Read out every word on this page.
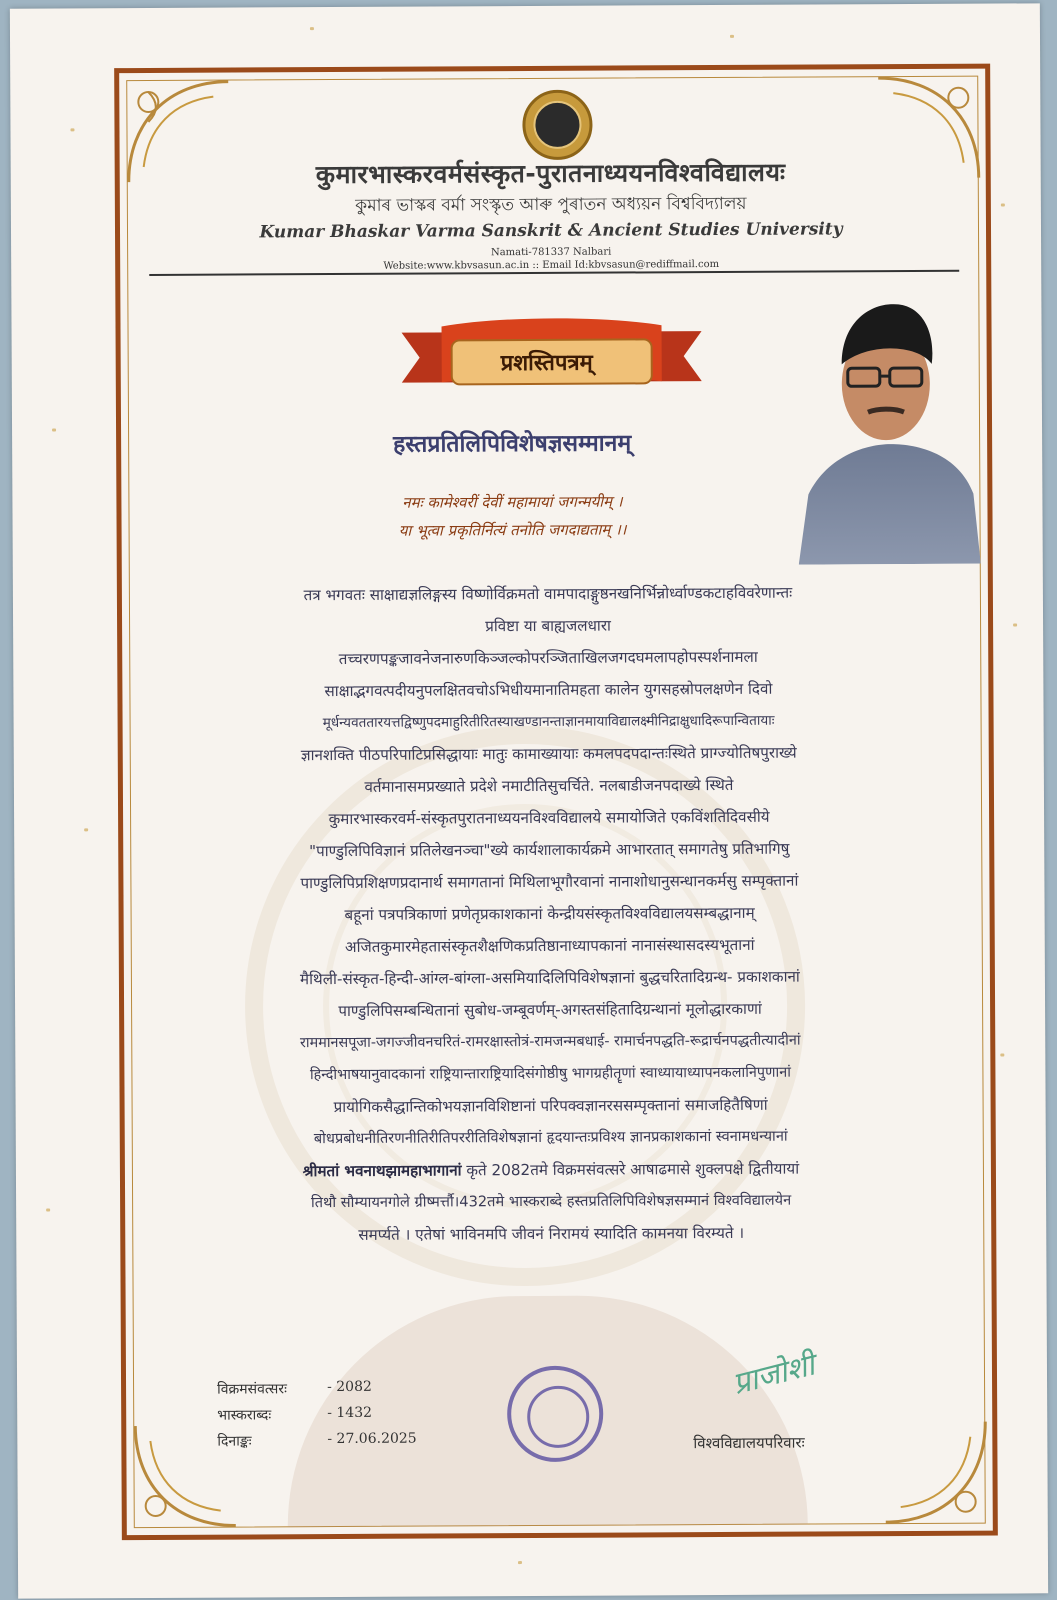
कुमारभास्करवर्मसंस्कृत-पुरातनाध्ययनविश्वविद्यालयः
কুমাৰ ভাস্কৰ বৰ্মা সংস্কৃত আৰু পুৰাতন অধ্যয়ন বিশ্ববিদ্যালয়
Kumar Bhaskar Varma Sanskrit & Ancient Studies University
Namati-781337 Nalbari
Website:www.kbvsasun.ac.in :: Email Id:kbvsasun@rediffmail.com
प्रशस्तिपत्रम्
हस्तप्रतिलिपिविशेषज्ञसम्मानम्
नमः कामेश्वरीं देवीं महामायां जगन्मयीम् ।
या भूत्वा प्रकृतिर्नित्यं तनोति जगदाद्यताम् ।।

तत्र भगवतः साक्षाद्यज्ञलिङ्गस्य विष्णोर्विक्रमतो वामपादाङ्गुष्ठनखनिर्भिन्नोर्ध्वाण्डकटाहविवरेणान्तः

प्रविष्टा या बाह्यजलधारा

तच्चरणपङ्कजावनेजनारुणकिञ्जल्कोपरञ्जिताखिलजगदघमलापहोपस्पर्शनामला

साक्षाद्भगवत्पदीयनुपलक्षितवचोऽभिधीयमानातिमहता कालेन युगसहस्रोपलक्षणेन दिवो

मूर्धन्यवततारयत्तद्विष्णुपदमाहुरितीरितस्याखण्डानन्ताज्ञानमायाविद्यालक्ष्मीनिद्राक्षुधादिरूपान्वितायाः

ज्ञानशक्ति पीठपरिपाटिप्रसिद्धायाः मातुः कामाख्यायाः कमलपदपदान्तःस्थिते प्राग्ज्योतिषपुराख्ये

वर्तमानासमप्रख्याते प्रदेशे नमाटीतिसुचर्चिते. नलबाडीजनपदाख्ये स्थिते

कुमारभास्करवर्म-संस्कृतपुरातनाध्ययनविश्वविद्यालये समायोजिते एकविंशतिदिवसीये

"पाण्डुलिपिविज्ञानं प्रतिलेखनञ्चा"ख्ये कार्यशालाकार्यक्रमे आभारतात् समागतेषु प्रतिभागिषु

पाण्डुलिपिप्रशिक्षणप्रदानार्थ समागतानां मिथिलाभूगौरवानां नानाशोधानुसन्धानकर्मसु सम्पृक्तानां

बहूनां पत्रपत्रिकाणां प्रणेतृप्रकाशकानां केन्द्रीयसंस्कृतविश्वविद्यालयसम्बद्धानाम्

अजितकुमारमेहतासंस्कृतशैक्षणिकप्रतिष्ठानाध्यापकानां नानासंस्थासदस्यभूतानां

मैथिली-संस्कृत-हिन्दी-आंग्ल-बांग्ला-असमियादिलिपिविशेषज्ञानां बुद्धचरितादिग्रन्थ- प्रकाशकानां

पाण्डुलिपिसम्बन्धितानां सुबोध-जम्बूवर्णम्-अगस्तसंहितादिग्रन्थानां मूलोद्धारकाणां

राममानसपूजा-जगज्जीवनचरितं-रामरक्षास्तोत्रं-रामजन्मबधाई- रामार्चनपद्धति-रूद्रार्चनपद्धतीत्यादीनां

हिन्दीभाषयानुवादकानां राष्ट्रियान्ताराष्ट्रियादिसंगोष्ठीषु भागग्रहीतॄणां स्वाध्यायाध्यापनकलानिपुणानां

प्रायोगिकसैद्धान्तिकोभयज्ञानविशिष्टानां परिपक्वज्ञानरससम्पृक्तानां समाजहितैषिणां

बोधप्रबोधनीतिरणनीतिरीतिपररीतिविशेषज्ञानां हृदयान्तःप्रविश्य ज्ञानप्रकाशकानां स्वनामधन्यानां

श्रीमतां भवनाथझामहाभागानां कृते 2082तमे विक्रमसंवत्सरे आषाढमासे शुक्लपक्षे द्वितीयायां

तिथौ सौम्यायनगोले ग्रीष्मर्त्तौ।432तमे भास्कराब्दे हस्तप्रतिलिपिविशेषज्ञसम्मानं विश्वविद्यालयेन

समर्प्यते । एतेषां भाविनमपि जीवनं निरामयं स्यादिति कामनया विरम्यते ।

विक्रमसंवत्सरः	- 2082
भास्कराब्दः	- 1432
दिनाङ्कः	- 27.06.2025
प्राजोशी
विश्वविद्यालयपरिवारः
